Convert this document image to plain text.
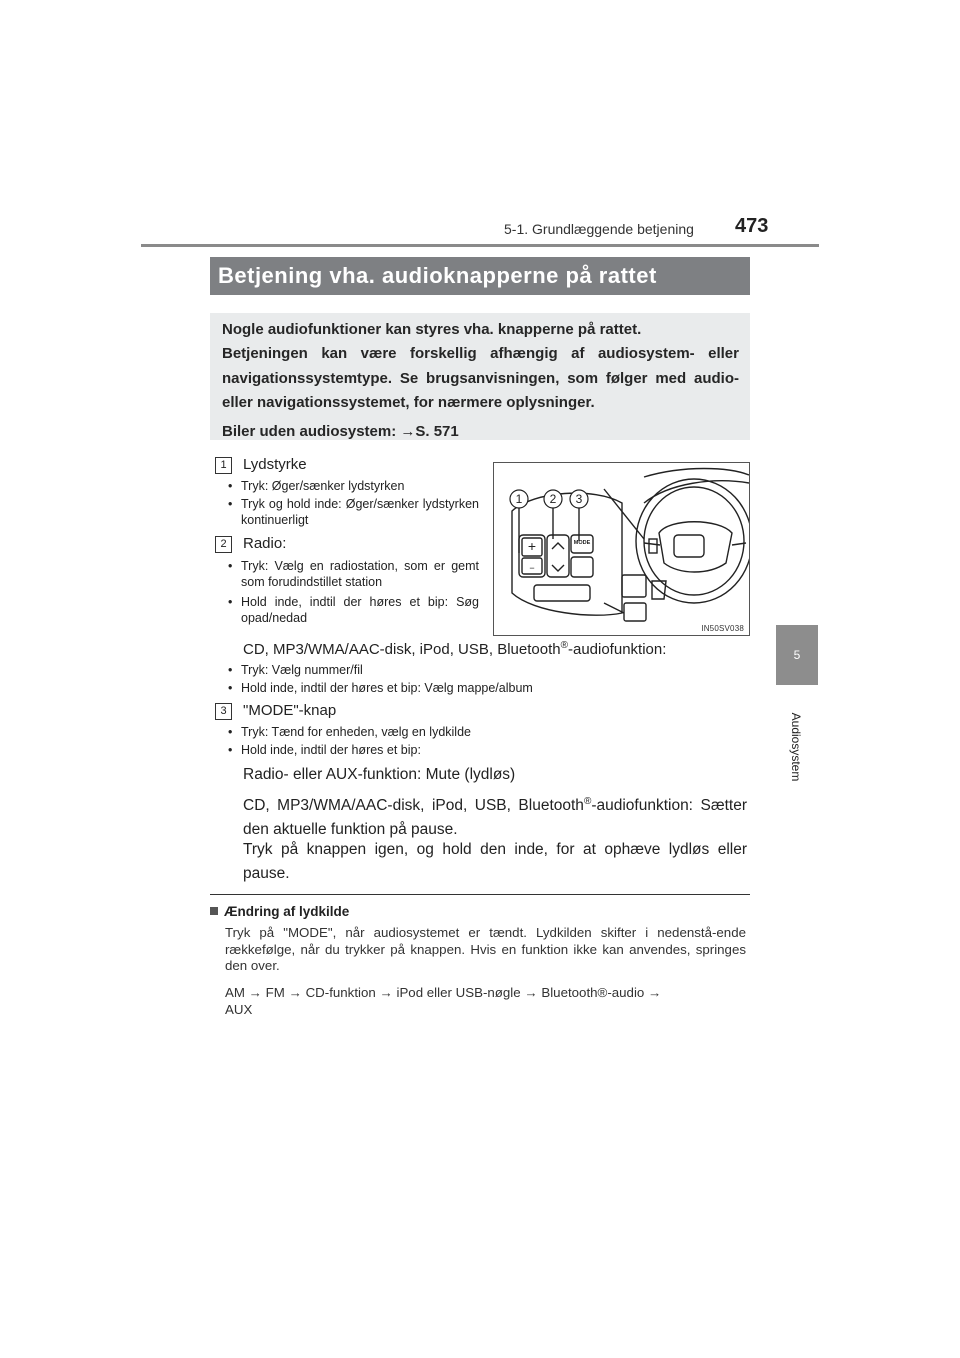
5-1. Grundlæggende betjening 473
5
Audiosystem
Betjening vha. audioknapperne på rattet
Nogle audiofunktioner kan styres vha. knapperne på rattet.
Betjeningen kan være forskellig afhængig af audiosystem- eller navigationssystemtype. Se brugsanvisningen, som følger med audio- eller navigationssystemet, for nærmere oplysninger.
Biler uden audiosystem: →S. 571
1	Lydstyrke
• Tryk: Øger/sænker lydstyrken
• Tryk og hold inde: Øger/sænker lydstyrken kontinuerligt
2	Radio:
• Tryk: Vælg en radiostation, som er gemt som forudindstillet station
• Hold inde, indtil der høres et bip: Søg opad/nedad
CD, MP3/WMA/AAC-disk, iPod, USB, Bluetooth®-audiofunktion:
• Tryk: Vælg nummer/fil
• Hold inde, indtil der høres et bip: Vælg mappe/album
3	"MODE"-knap
• Tryk: Tænd for enheden, vælg en lydkilde
• Hold inde, indtil der høres et bip:
Radio- eller AUX-funktion: Mute (lydløs)
CD, MP3/WMA/AAC-disk, iPod, USB, Bluetooth®-audiofunktion: Sætter den aktuelle funktion på pause.
Tryk på knappen igen, og hold den inde, for at ophæve lydløs eller pause.
+
−
MODE
1 2 3
IN50SV038
Ændring af lydkilde
Tryk på "MODE", når audiosystemet er tændt. Lydkilden skifter i nedenstå-ende rækkefølge, når du trykker på knappen. Hvis en funktion ikke kan anvendes, springes den over.
AM → FM → CD-funktion → iPod eller USB-nøgle → Bluetooth®-audio →
AUX
